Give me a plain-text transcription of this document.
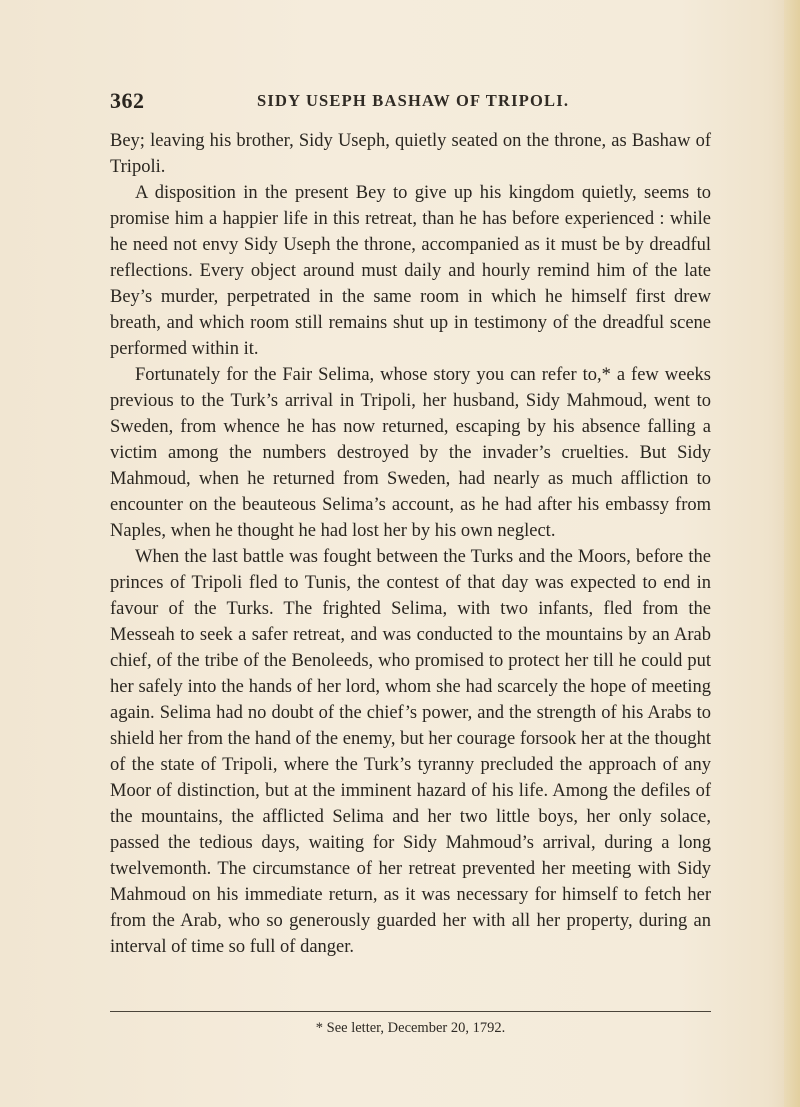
362	SIDY USEPH BASHAW OF TRIPOLI.

Bey; leaving his brother, Sidy Useph, quietly seated on the throne, as Bashaw of Tripoli.

A disposition in the present Bey to give up his kingdom quietly, seems to promise him a happier life in this retreat, than he has before experienced : while he need not envy Sidy Useph the throne, accompanied as it must be by dreadful reflections. Every object around must daily and hourly remind him of the late Bey’s murder, perpetrated in the same room in which he himself first drew breath, and which room still remains shut up in testimony of the dreadful scene performed within it.

Fortunately for the Fair Selima, whose story you can refer to,* a few weeks previous to the Turk’s arrival in Tripoli, her husband, Sidy Mahmoud, went to Sweden, from whence he has now returned, escaping by his absence falling a victim among the numbers destroyed by the invader’s cruelties. But Sidy Mahmoud, when he returned from Sweden, had nearly as much affliction to encounter on the beauteous Selima’s account, as he had after his embassy from Naples, when he thought he had lost her by his own neglect.

When the last battle was fought between the Turks and the Moors, before the princes of Tripoli fled to Tunis, the contest of that day was expected to end in favour of the Turks. The frighted Selima, with two infants, fled from the Messeah to seek a safer retreat, and was conducted to the mountains by an Arab chief, of the tribe of the Benoleeds, who promised to protect her till he could put her safely into the hands of her lord, whom she had scarcely the hope of meeting again. Selima had no doubt of the chief’s power, and the strength of his Arabs to shield her from the hand of the enemy, but her courage forsook her at the thought of the state of Tripoli, where the Turk’s tyranny precluded the approach of any Moor of distinction, but at the imminent hazard of his life. Among the defiles of the mountains, the afflicted Selima and her two little boys, her only solace, passed the tedious days, waiting for Sidy Mahmoud’s arrival, during a long twelvemonth. The circumstance of her retreat prevented her meeting with Sidy Mahmoud on his immediate return, as it was necessary for himself to fetch her from the Arab, who so generously guarded her with all her property, during an interval of time so full of danger.

* See letter, December 20, 1792.
